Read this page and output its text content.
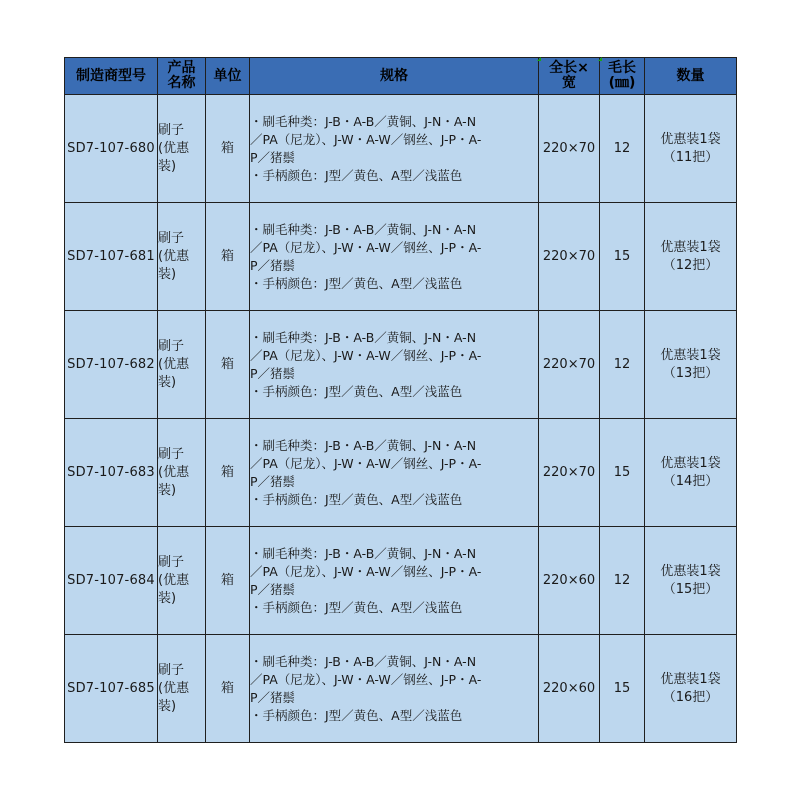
制造商型号	产品名称	单位	规格	全长×宽	毛长(㎜)	数量
SD7-107-680	刷子(优惠装)	箱	・刷毛种类：J-B・A-B／黄铜、J-N・A-N
／PA（尼龙）、J-W・A-W／钢丝、J-P・A-
P／猪鬃
・手柄颜色：J型／黄色、A型／浅蓝色	220×70	12	优惠装1袋
（11把）

SD7-107-681	刷子(优惠装)	箱	・刷毛种类：J-B・A-B／黄铜、J-N・A-N
／PA（尼龙）、J-W・A-W／钢丝、J-P・A-
P／猪鬃
・手柄颜色：J型／黄色、A型／浅蓝色	220×70	15	优惠装1袋
（12把）

SD7-107-682	刷子(优惠装)	箱	・刷毛种类：J-B・A-B／黄铜、J-N・A-N
／PA（尼龙）、J-W・A-W／钢丝、J-P・A-
P／猪鬃
・手柄颜色：J型／黄色、A型／浅蓝色	220×70	12	优惠装1袋
（13把）

SD7-107-683	刷子(优惠装)	箱	・刷毛种类：J-B・A-B／黄铜、J-N・A-N
／PA（尼龙）、J-W・A-W／钢丝、J-P・A-
P／猪鬃
・手柄颜色：J型／黄色、A型／浅蓝色	220×70	15	优惠装1袋
（14把）

SD7-107-684	刷子(优惠装)	箱	・刷毛种类：J-B・A-B／黄铜、J-N・A-N
／PA（尼龙）、J-W・A-W／钢丝、J-P・A-
P／猪鬃
・手柄颜色：J型／黄色、A型／浅蓝色	220×60	12	优惠装1袋
（15把）

SD7-107-685	刷子(优惠装)	箱	・刷毛种类：J-B・A-B／黄铜、J-N・A-N
／PA（尼龙）、J-W・A-W／钢丝、J-P・A-
P／猪鬃
・手柄颜色：J型／黄色、A型／浅蓝色	220×60	15	优惠装1袋
（16把）
